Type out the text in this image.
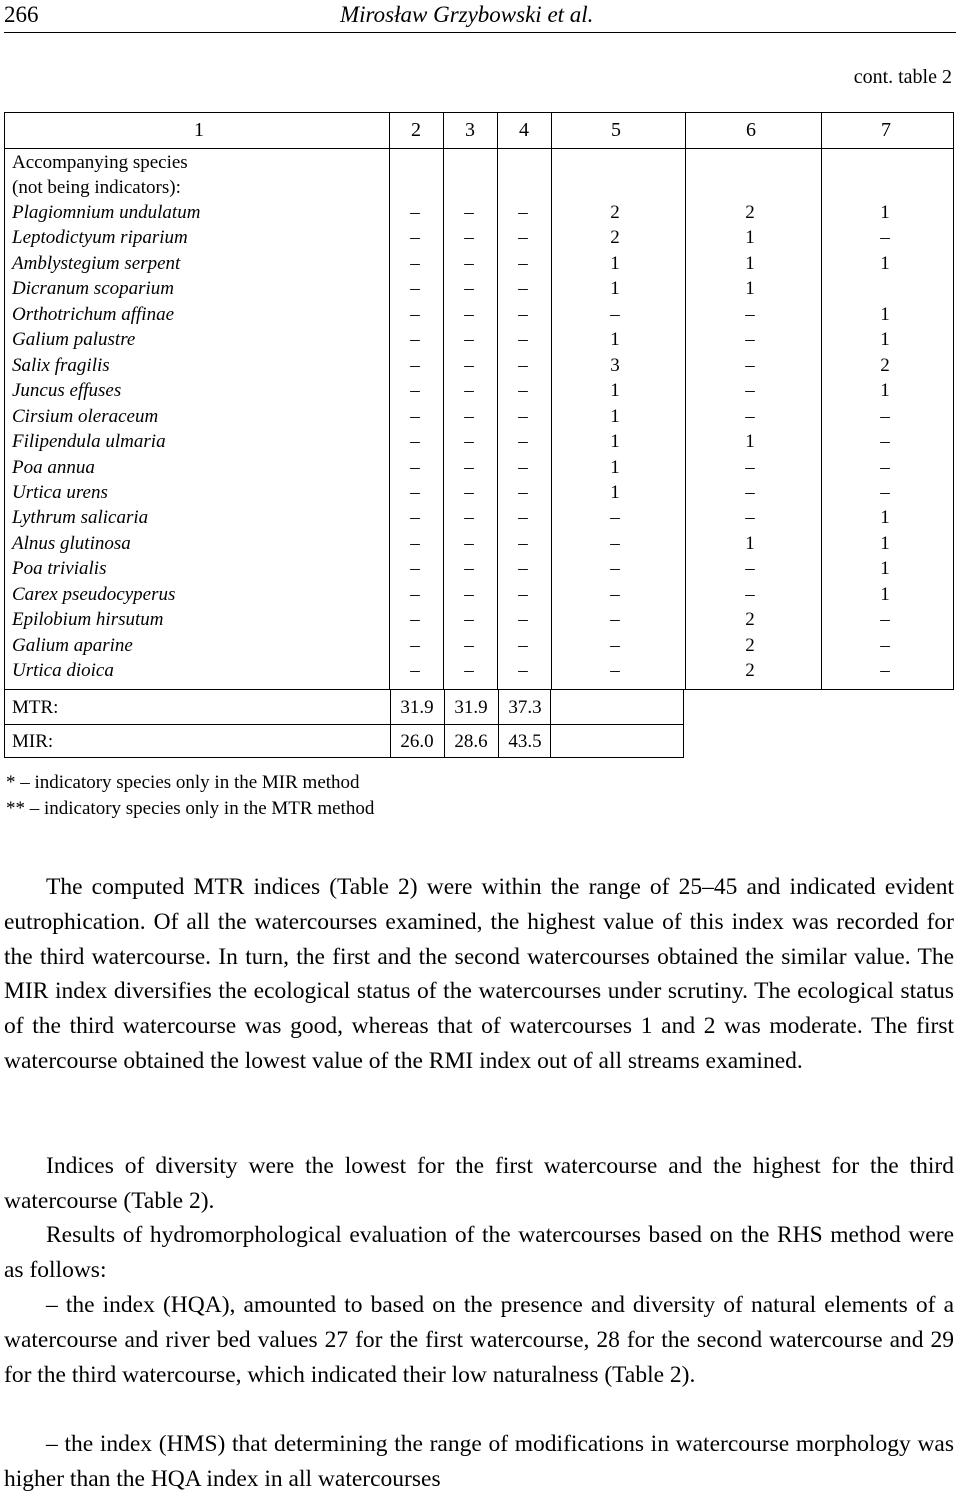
266	Mirosław Grzybowski et al.
cont. table 2
1	2	3	4	5	6	7
Accompanying species
(not being indicators):
Plagiomnium undulatum	–	–	–	2	2	1
Leptodictyum riparium	–	–	–	2	1	–
Amblystegium serpent	–	–	–	1	1	1
Dicranum scoparium	–	–	–	1	1
Orthotrichum affinae	–	–	–	–	–	1
Galium palustre	–	–	–	1	–	1
Salix fragilis	–	–	–	3	–	2
Juncus effuses	–	–	–	1	–	1
Cirsium oleraceum	–	–	–	1	–	–
Filipendula ulmaria	–	–	–	1	1	–
Poa annua	–	–	–	1	–	–
Urtica urens	–	–	–	1	–	–
Lythrum salicaria	–	–	–	–	–	1
Alnus glutinosa	–	–	–	–	1	1
Poa trivialis	–	–	–	–	–	1
Carex pseudocyperus	–	–	–	–	–	1
Epilobium hirsutum	–	–	–	–	2	–
Galium aparine	–	–	–	–	2	–
Urtica dioica	–	–	–	–	2	–
MTR:	31.9	31.9	37.3
MIR:	26.0	28.6	43.5
* – indicatory species only in the MIR method
** – indicatory species only in the MTR method

The computed MTR indices (Table 2) were within the range of 25–45 and indicated evident eutrophication. Of all the watercourses examined, the highest value of this index was recorded for the third watercourse. In turn, the first and the second watercourses obtained the similar value. The MIR index diversifies the ecological status of the watercourses under scrutiny. The ecological status of the third watercourse was good, whereas that of watercourses 1 and 2 was moderate. The first watercourse obtained the lowest value of the RMI index out of all streams examined.

Indices of diversity were the lowest for the first watercourse and the highest for the third watercourse (Table 2).

Results of hydromorphological evaluation of the watercourses based on the RHS method were as follows:

– the index (HQA), amounted to based on the presence and diversity of natural elements of a watercourse and river bed values 27 for the first watercourse, 28 for the second watercourse and 29 for the third watercourse, which indicated their low naturalness (Table 2).

– the index (HMS) that determining the range of modifications in watercourse morphology was higher than the HQA index in all watercourses
